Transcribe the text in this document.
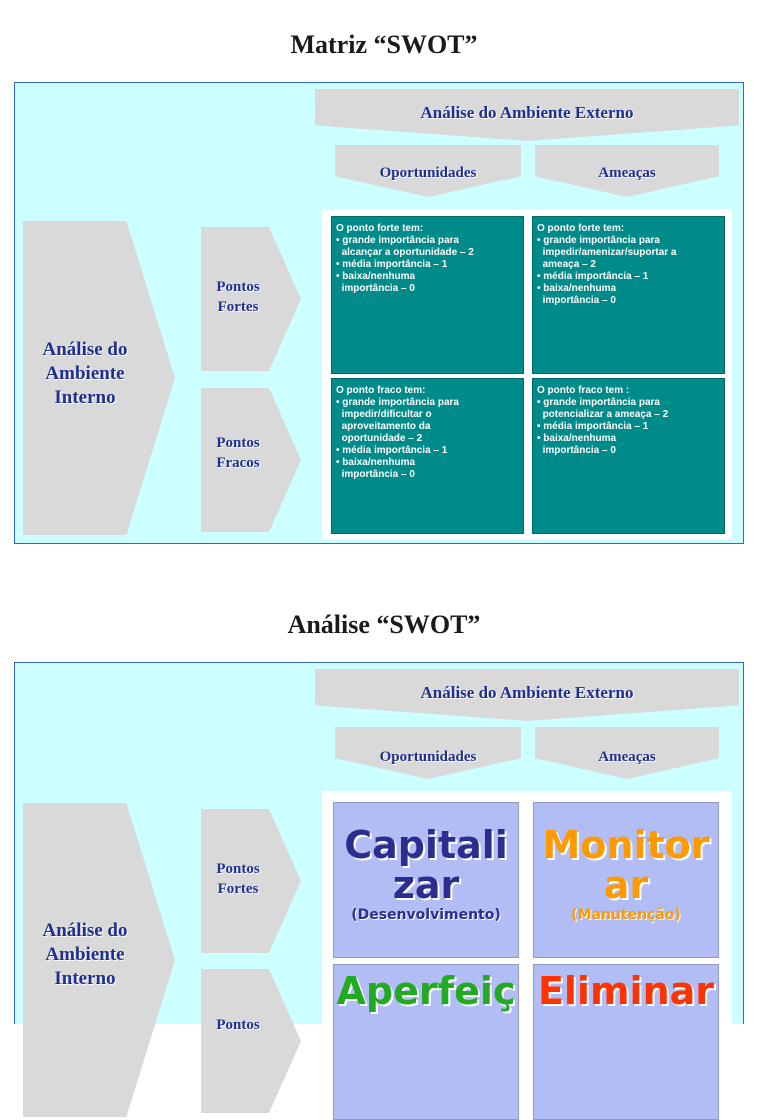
Matriz “SWOT”
Análise do Ambiente Externo
Oportunidades	Ameaças
Análise do
Ambiente
Interno
Pontos
Fortes
Pontos
Fracos
O ponto forte tem:
• grande importância para
alcançar a oportunidade – 2
• média importância – 1
• baixa/nenhuma
importância – 0
O ponto forte tem:
• grande importância para
impedir/amenizar/suportar a
ameaça – 2
• média importância – 1
• baixa/nenhuma
importância – 0
O ponto fraco tem:
• grande importância para
impedir/dificultar o
aproveitamento da
oportunidade – 2
• média importância – 1
• baixa/nenhuma
importância – 0
O ponto fraco tem :
• grande importância para
potencializar a ameaça – 2
• média importância – 1
• baixa/nenhuma
importância – 0
Análise “SWOT”
Análise do Ambiente Externo
Oportunidades	Ameaças
Análise do
Ambiente
Interno
Pontos
Fortes
Pontos
Capitalizar
(Desenvolvimento)
Monitorar
(Manutenção)
Aperfeiç Eliminar
